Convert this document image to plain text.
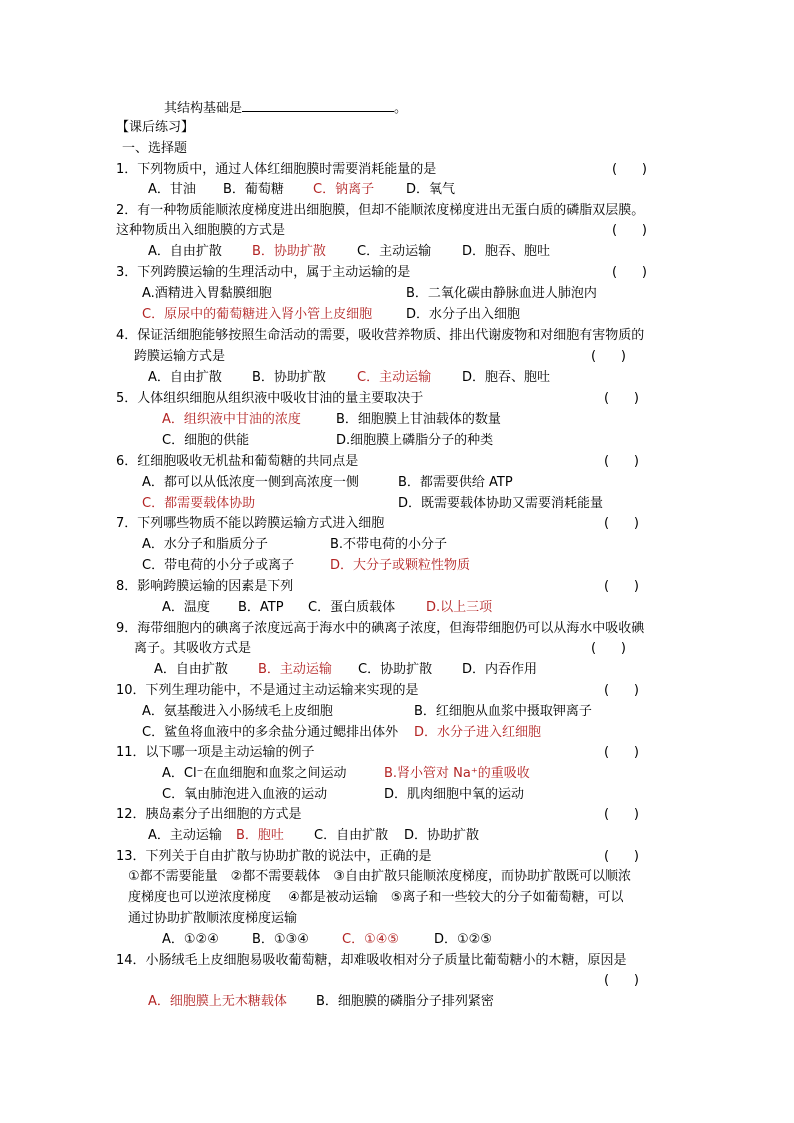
其结构基础是	。
【课后练习】
一、选择题
1．下列物质中，通过人体红细胞膜时需要消耗能量的是	(      )
A．甘油 B．葡萄糖 C．钠离子 D．氧气
2．有一种物质能顺浓度梯度进出细胞膜，但却不能顺浓度梯度进出无蛋白质的磷脂双层膜。
这种物质出入细胞膜的方式是	(      )
A．自由扩散 B．协助扩散 C．主动运输 D．胞吞、胞吐
3．下列跨膜运输的生理活动中，属于主动运输的是	(      )
A.酒精进入胃黏膜细胞	B．二氧化碳由静脉血进人肺泡内
C．原尿中的葡萄糖进入肾小管上皮细胞	D．水分子出入细胞
4．保证活细胞能够按照生命活动的需要，吸收营养物质、排出代谢废物和对细胞有害物质的
跨膜运输方式是	(      )
A．自由扩散 B．协助扩散 C．主动运输 D．胞吞、胞吐
5．人体组织细胞从组织液中吸收甘油的量主要取决于	(      )
A．组织液中甘油的浓度	B．细胞膜上甘油载体的数量
C．细胞的供能	D.细胞膜上磷脂分子的种类
6．红细胞吸收无机盐和葡萄糖的共同点是	(      )
A．都可以从低浓度一侧到高浓度一侧	B．都需要供给 ATP
C．都需要载体协助	D．既需要载体协助又需要消耗能量
7．下列哪些物质不能以跨膜运输方式进入细胞	(      )
A．水分子和脂质分子	B.不带电荷的小分子
C．带电荷的小分子或离子	D．大分子或颗粒性物质
8．影响跨膜运输的因素是下列	(      )
A．温度 B．ATP C．蛋白质载体 D.以上三项
9．海带细胞内的碘离子浓度远高于海水中的碘离子浓度，但海带细胞仍可以从海水中吸收碘
离子。其吸收方式是	(      )
A．自由扩散 B．主动运输 C．协助扩散 D．内吞作用
10．下列生理功能中，不是通过主动运输来实现的是	(      )
A．氨基酸进入小肠绒毛上皮细胞	B．红细胞从血浆中摄取钾离子
C．鲨鱼将血液中的多余盐分通过鳃排出体外 D．水分子进入红细胞
11．以下哪一项是主动运输的例子	(      )
A．Cl⁻在血细胞和血浆之间运动	B.肾小管对 Na⁺的重吸收
C．氧由肺泡进入血液的运动	D．肌肉细胞中氧的运动
12．胰岛素分子出细胞的方式是	(      )
A．主动运输 B．胞吐 C．自由扩散 D．协助扩散
13．下列关于自由扩散与协助扩散的说法中，正确的是	(      )
①都不需要能量　②都不需要载体　③自由扩散只能顺浓度梯度，而协助扩散既可以顺浓
度梯度也可以逆浓度梯度　 ④都是被动运输　⑤离子和一些较大的分子如葡萄糖，可以
通过协助扩散顺浓度梯度运输
A．①②④	B．①③④	C．①④⑤	D．①②⑤
14．小肠绒毛上皮细胞易吸收葡萄糖，却难吸收相对分子质量比葡萄糖小的木糖，原因是
(      )
A．细胞膜上无木糖载体 B．细胞膜的磷脂分子排列紧密
